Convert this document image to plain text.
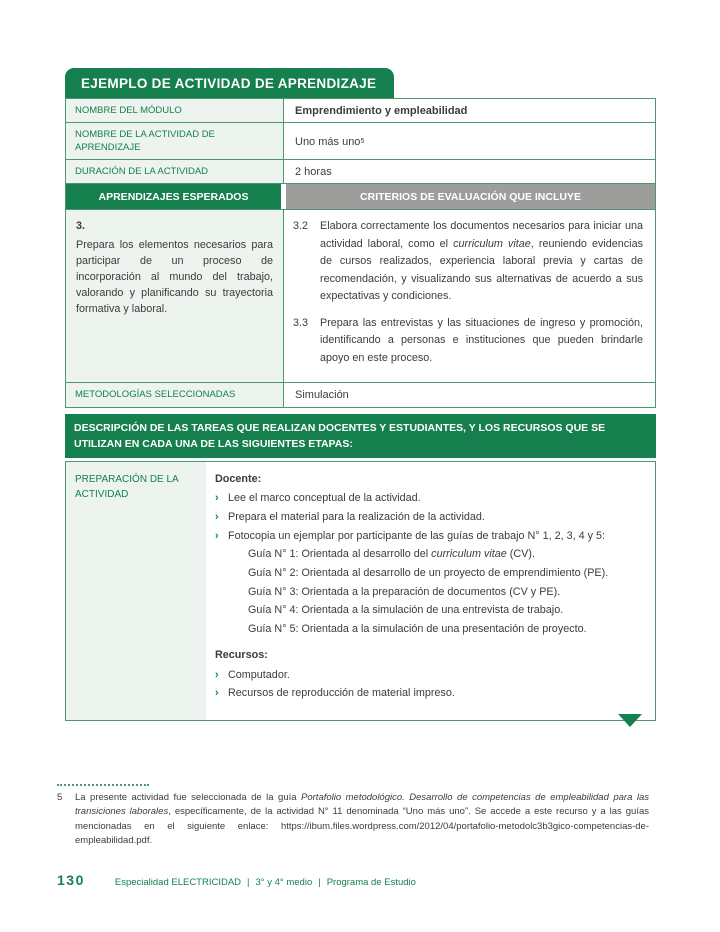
EJEMPLO DE ACTIVIDAD DE APRENDIZAJE
NOMBRE DEL MÓDULO	Emprendimiento y empleabilidad
NOMBRE DE LA ACTIVIDAD DE APRENDIZAJE	Uno más uno 5
DURACIÓN DE LA ACTIVIDAD	2 horas
APRENDIZAJES ESPERADOS	CRITERIOS DE EVALUACIÓN QUE INCLUYE
3.
Prepara los elementos necesarios para participar de un proceso de incorporación al mundo del trabajo, valorando y planificando su trayectoria formativa y laboral.
3.2	Elabora correctamente los documentos necesarios para iniciar una actividad laboral, como el curriculum vitae, reuniendo evidencias de cursos realizados, experiencia laboral previa y cartas de recomendación, y visualizando sus alternativas de acuerdo a sus expectativas y condiciones.
3.3	Prepara las entrevistas y las situaciones de ingreso y promoción, identificando a personas e instituciones que pueden brindarle apoyo en este proceso.
METODOLOGÍAS SELECCIONADAS	Simulación
DESCRIPCIÓN DE LAS TAREAS QUE REALIZAN DOCENTES Y ESTUDIANTES, Y LOS RECURSOS QUE SE UTILIZAN EN CADA UNA DE LAS SIGUIENTES ETAPAS:
PREPARACIÓN DE LA ACTIVIDAD
Docente:
› Lee el marco conceptual de la actividad.
› Prepara el material para la realización de la actividad.
› Fotocopia un ejemplar por participante de las guías de trabajo N° 1, 2, 3, 4 y 5:
Guía N° 1: Orientada al desarrollo del curriculum vitae (CV).
Guía N° 2: Orientada al desarrollo de un proyecto de emprendimiento (PE).
Guía N° 3: Orientada a la preparación de documentos (CV y PE).
Guía N° 4: Orientada a la simulación de una entrevista de trabajo.
Guía N° 5: Orientada a la simulación de una presentación de proyecto.
Recursos:
› Computador.
› Recursos de reproducción de material impreso.
5	La presente actividad fue seleccionada de la guía Portafolio metodológico. Desarrollo de competencias de empleabilidad para las transiciones laborales, específicamente, de la actividad N° 11 denominada “Uno más uno”. Se accede a este recurso y a las guías mencionadas en el siguiente enlace: https://ibum.files.wordpress.com/2012/04/portafolio-metodolc3b3gico-competencias-de-empleabilidad.pdf.
130	Especialidad ELECTRICIDAD | 3° y 4° medio | Programa de Estudio
